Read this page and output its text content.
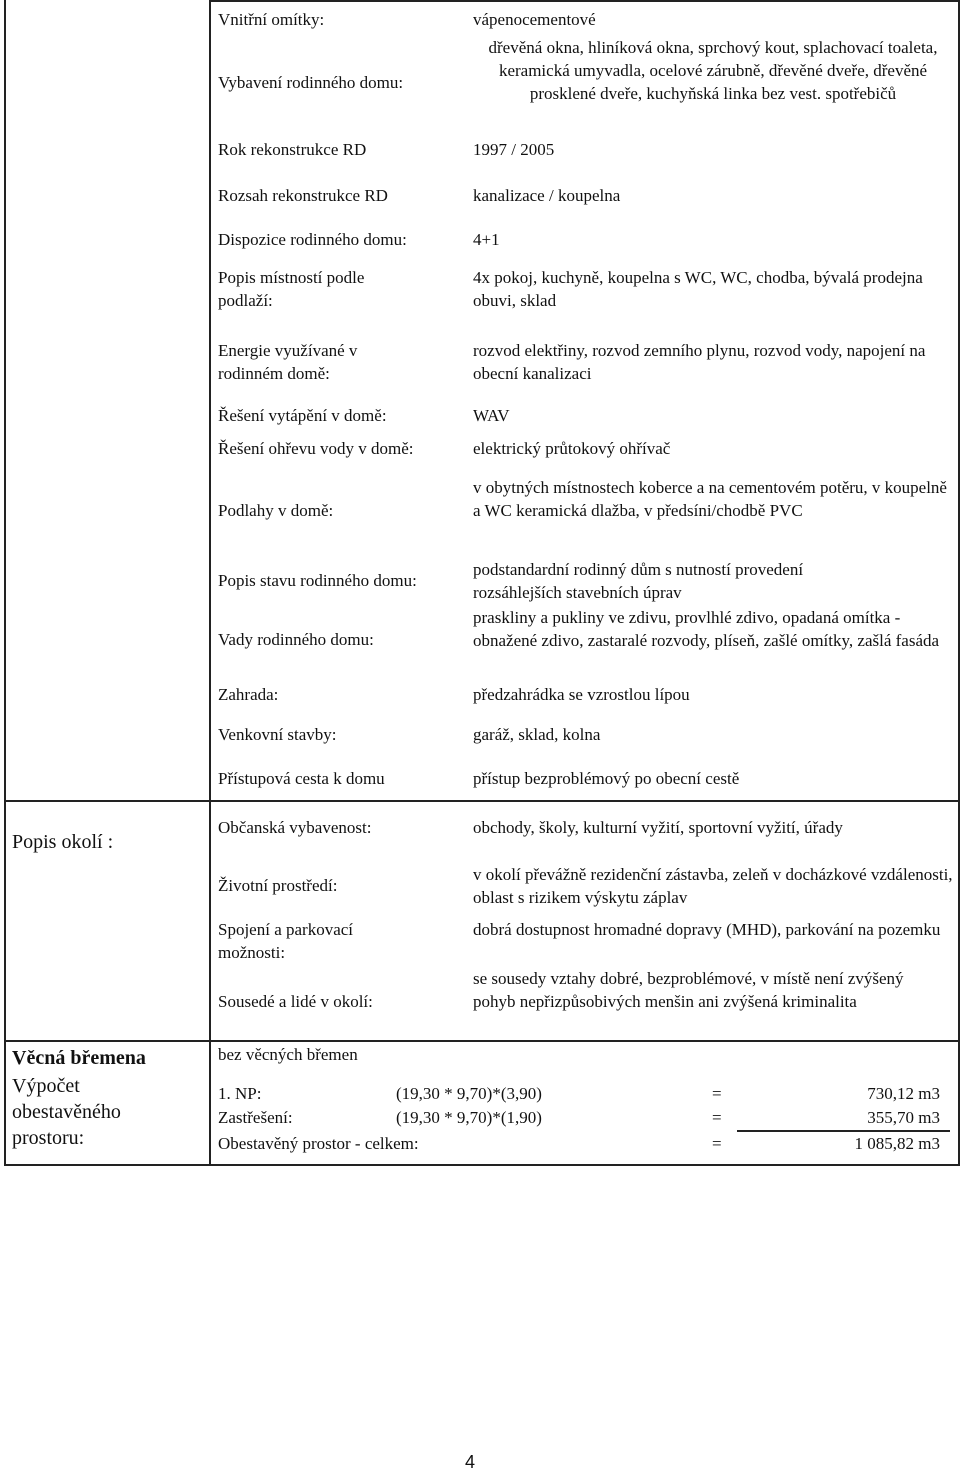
Vnitřní omítky:	vápenocementové
Vybavení rodinného domu:
dřevěná okna, hliníková okna, sprchový kout, splachovací toaleta, keramická umyvadla, ocelové zárubně, dřevěné dveře, dřevěné prosklené dveře, kuchyňská linka bez vest. spotřebičů
Rok rekonstrukce RD	1997 / 2005
Rozsah rekonstrukce RD	kanalizace / koupelna
Dispozice rodinného domu:	4+1
Popis místností podle podlaží:
4x pokoj, kuchyně, koupelna s WC, WC, chodba, bývalá prodejna obuvi, sklad
Energie využívané v rodinném domě:
rozvod elektřiny, rozvod zemního plynu, rozvod vody, napojení na obecní kanalizaci
Řešení vytápění v domě:	WAV
Řešení ohřevu vody v domě:	elektrický průtokový ohřívač
Podlahy v domě:
v obytných místnostech koberce a na cementovém potěru, v koupelně a WC keramická dlažba, v předsíni/chodbě PVC
Popis stavu rodinného domu:
podstandardní rodinný dům s nutností provedení rozsáhlejších stavebních úprav
Vady rodinného domu:
praskliny a pukliny ve zdivu, provlhlé zdivo, opadaná omítka - obnažené zdivo, zastaralé rozvody, plíseň, zašlé omítky, zašlá fasáda
Zahrada:	předzahrádka se vzrostlou lípou
Venkovní stavby:	garáž, sklad, kolna
Přístupová cesta k domu	přístup bezproblémový po obecní cestě
Popis okolí :
Občanská vybavenost:	obchody, školy, kulturní vyžití, sportovní vyžití, úřady
Životní prostředí:
v okolí převážně rezidenční zástavba, zeleň v docházkové vzdálenosti, oblast s rizikem výskytu záplav
Spojení a parkovací možnosti:
dobrá dostupnost hromadné dopravy (MHD), parkování na pozemku
Sousedé a lidé v okolí:
se sousedy vztahy dobré, bezproblémové, v místě není zvýšený pohyb nepřizpůsobivých menšin ani zvýšená kriminalita
Věcná břemena	bez věcných břemen
Výpočet
obestavěného
prostoru:
1. NP:	(19,30 * 9,70)*(3,90)	=	730,12 m3
Zastřešení:	(19,30 * 9,70)*(1,90)	=	355,70 m3
Obestavěný prostor - celkem:	=	1 085,82 m3
4
